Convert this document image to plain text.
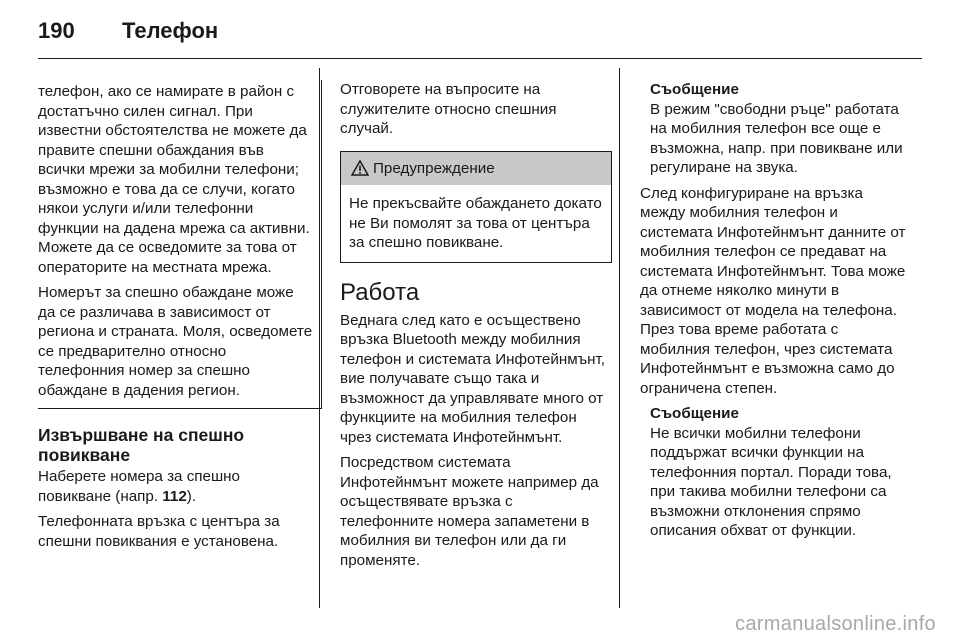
190	Телефон

телефон, ако се намирате в район с достатъчно силен сигнал. При известни обстоятелства не можете да правите спешни обаждания във всички мрежи за мобилни телефони; възможно е това да се случи, когато някои услуги и/или телефонни функции на дадена мрежа са активни. Можете да се осведомите за това от операторите на местната мрежа.

Номерът за спешно обаждане може да се различава в зависимост от региона и страната. Моля, осведомете се предварително относно телефонния номер за спешно обаждане в дадения регион.

Извършване на спешно повикване

Наберете номера за спешно повикване (напр. 112).

Телефонната връзка с центъра за спешни повиквания е установена.

Отговорете на въпросите на служителите относно спешния случай.

Предупреждение
Не прекъсвайте обаждането докато не Ви помолят за това от центъра за спешно повикване.
Работа

Веднага след като е осъществено връзка Bluetooth между мобилния телефон и системата Инфотейнмънт, вие получавате също така и възможност да управлявате много от функциите на мобилния телефон чрез системата Инфотейнмънт.

Посредством системата Инфотейнмънт можете например да осъществявате връзка с телефонните номера запаметени в мобилния ви телефон или да ги променяте.

Съобщение
В режим "свободни ръце" работата на мобилния телефон все още е възможна, напр. при повикване или регулиране на звука.

След конфигуриране на връзка между мобилния телефон и системата Инфотейнмънт данните от мобилния телефон се предават на системата Инфотейнмънт. Това може да отнеме няколко минути в зависимост от модела на телефона. През това време работата с мобилния телефон, чрез системата Инфотейнмънт е възможна само до ограничена степен.

Съобщение
Не всички мобилни телефони поддържат всички функции на телефонния портал. Поради това, при такива мобилни телефони са възможни отклонения спрямо описания обхват от функции.
carmanualsonline.info
